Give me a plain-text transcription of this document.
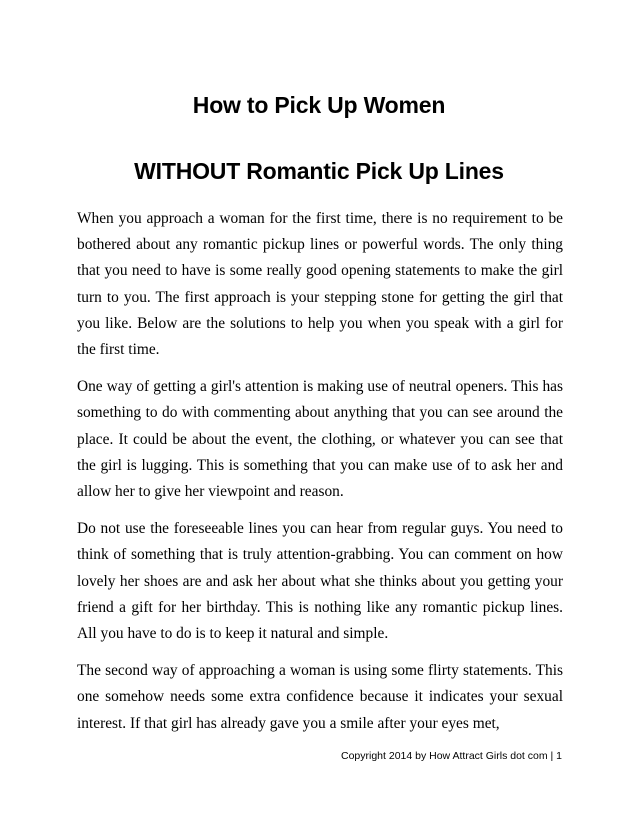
How to Pick Up Women
WITHOUT Romantic Pick Up Lines

When you approach a woman for the first time, there is no requirement to be bothered about any romantic pickup lines or powerful words. The only thing that you need to have is some really good opening statements to make the girl turn to you. The first approach is your stepping stone for getting the girl that you like. Below are the solutions to help you when you speak with a girl for the first time.

One way of getting a girl's attention is making use of neutral openers. This has something to do with commenting about anything that you can see around the place. It could be about the event, the clothing, or whatever you can see that the girl is lugging. This is something that you can make use of to ask her and allow her to give her viewpoint and reason.

Do not use the foreseeable lines you can hear from regular guys. You need to think of something that is truly attention-grabbing. You can comment on how lovely her shoes are and ask her about what she thinks about you getting your friend a gift for her birthday. This is nothing like any romantic pickup lines. All you have to do is to keep it natural and simple.

The second way of approaching a woman is using some flirty statements. This one somehow needs some extra confidence because it indicates your sexual interest. If that girl has already gave you a smile after your eyes met,

Copyright 2014 by How Attract Girls dot com | 1
